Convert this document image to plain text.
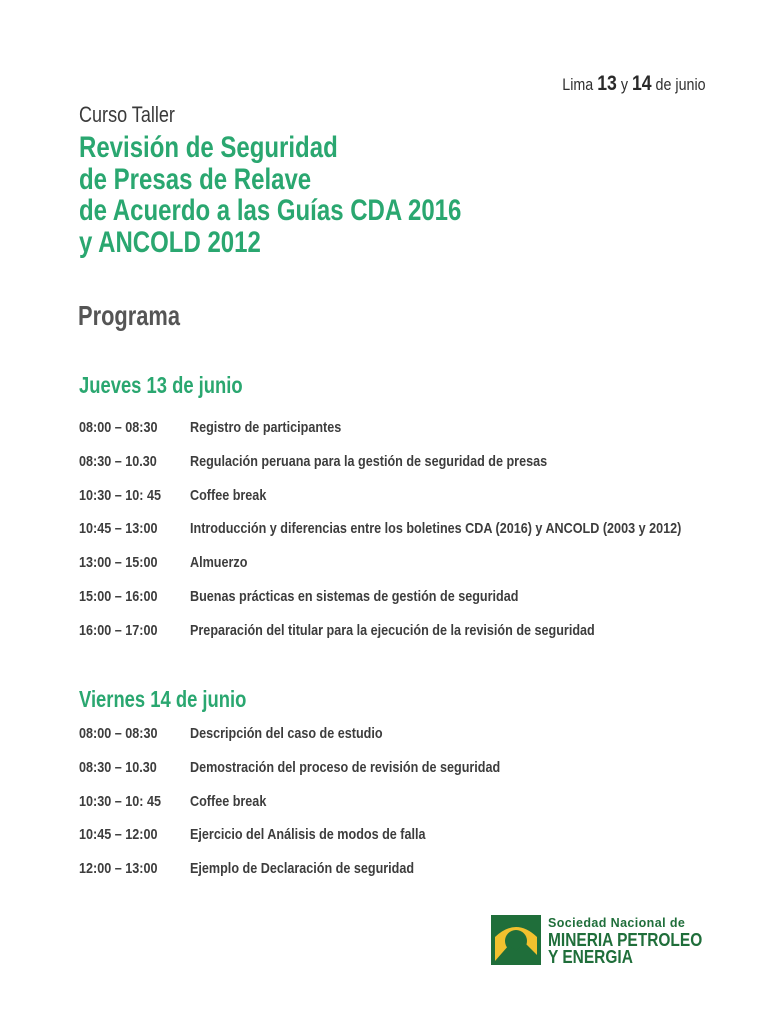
Lima 13 y 14 de junio
Curso Taller
Revisión de Seguridad
de Presas de Relave
de Acuerdo a las Guías CDA 2016
y ANCOLD 2012
Programa
Jueves 13 de junio
08:00 – 08:30 Registro de participantes
08:30 – 10.30 Regulación peruana para la gestión de seguridad de presas
10:30 – 10: 45 Coffee break
10:45 – 13:00 Introducción y diferencias entre los boletines CDA (2016) y ANCOLD (2003 y 2012)
13:00 – 15:00 Almuerzo
15:00 – 16:00 Buenas prácticas en sistemas de gestión de seguridad
16:00 – 17:00 Preparación del titular para la ejecución de la revisión de seguridad
Viernes 14 de junio
08:00 – 08:30 Descripción del caso de estudio
08:30 – 10.30 Demostración del proceso de revisión de seguridad
10:30 – 10: 45 Coffee break
10:45 – 12:00 Ejercicio del Análisis de modos de falla
12:00 – 13:00 Ejemplo de Declaración de seguridad
Sociedad Nacional de
MINERIA PETROLEO
Y ENERGIA
